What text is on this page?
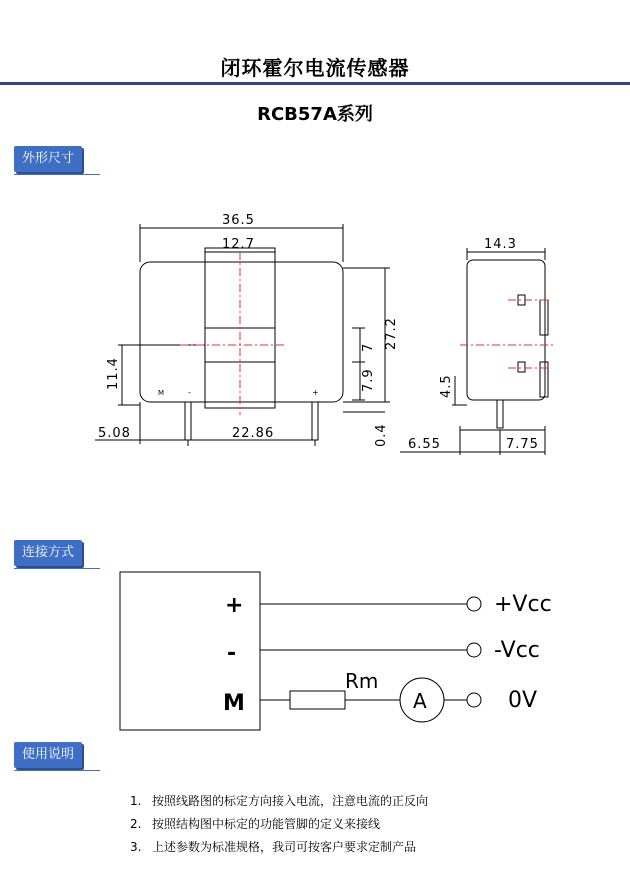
闭环霍尔电流传感器
RCB57A系列
外形尺寸
36.5
12.7
27.2
7
7.9
11.4
5.08	22.86	0.4
14.3
4.5
6.55	7.75
M	-	+
连接方式
+
-
M
Rm
A
+Vcc
-Vcc
0V
使用说明
1. 按照线路图的标定方向接入电流，注意电流的正反向
2. 按照结构图中标定的功能管脚的定义来接线
3. 上述参数为标准规格，我司可按客户要求定制产品
